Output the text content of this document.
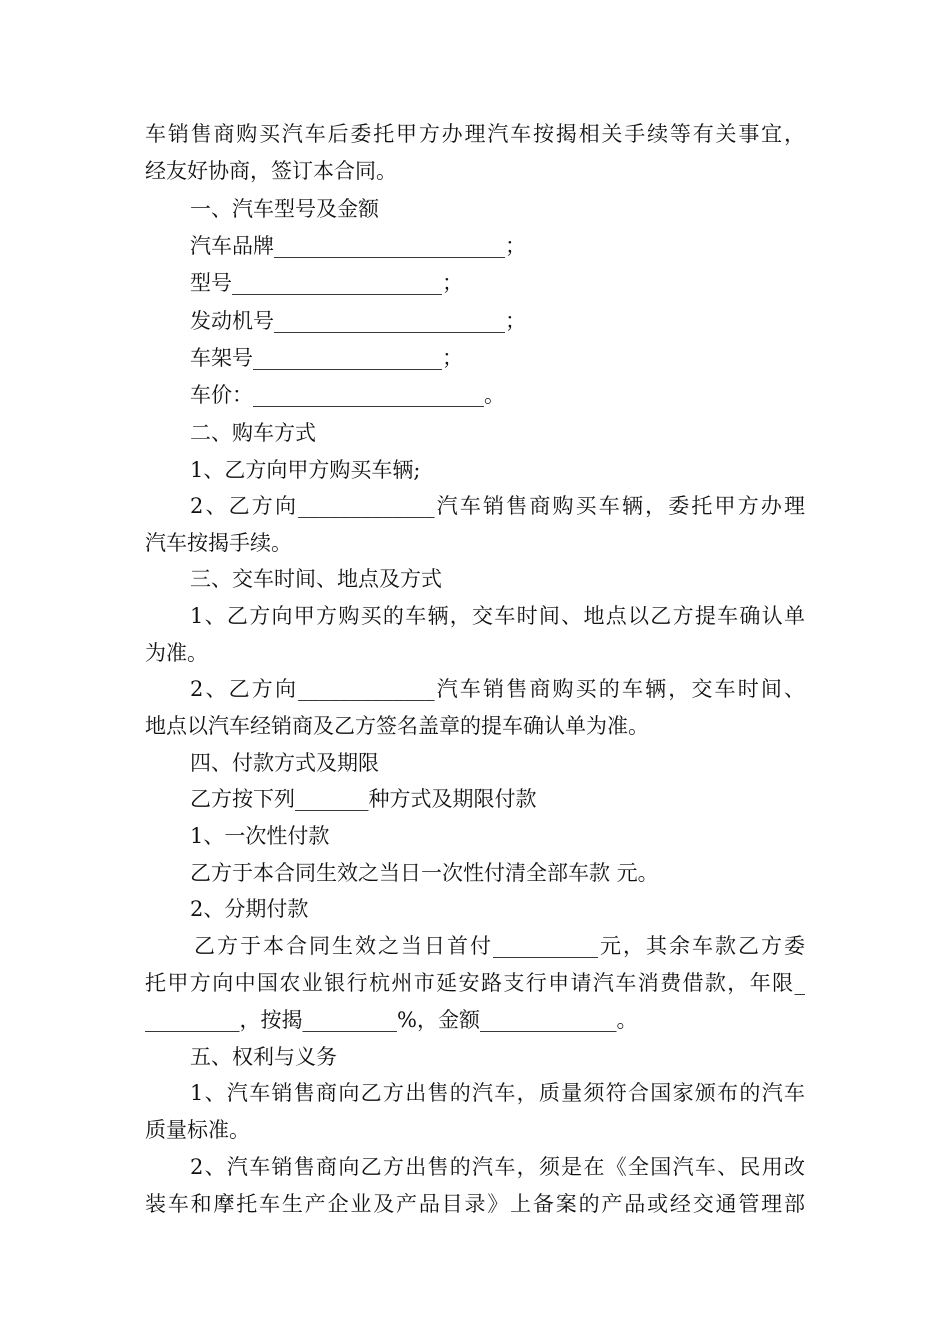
车销售商购买汽车后委托甲方办理汽车按揭相关手续等有关事宜，
经友好协商，签订本合同。
一、汽车型号及金额
汽车品牌______________________；
型号____________________；
发动机号______________________；
车架号__________________；
车价：______________________。
二、购车方式
1、乙方向甲方购买车辆;
2、乙方向_____________汽车销售商购买车辆，委托甲方办理
汽车按揭手续。
三、交车时间、地点及方式
1、乙方向甲方购买的车辆，交车时间、地点以乙方提车确认单
为准。
2、乙方向_____________汽车销售商购买的车辆，交车时间、
地点以汽车经销商及乙方签名盖章的提车确认单为准。
四、付款方式及期限
乙方按下列_______种方式及期限付款
1、一次性付款
乙方于本合同生效之当日一次性付清全部车款 元。
2、分期付款
乙方于本合同生效之当日首付__________元，其余车款乙方委
托甲方向中国农业银行杭州市延安路支行申请汽车消费借款，年限_
_________，按揭_________%，金额_____________。
五、权利与义务
1、汽车销售商向乙方出售的汽车，质量须符合国家颁布的汽车
质量标准。
2、汽车销售商向乙方出售的汽车，须是在《全国汽车、民用改
装车和摩托车生产企业及产品目录》上备案的产品或经交通管理部
